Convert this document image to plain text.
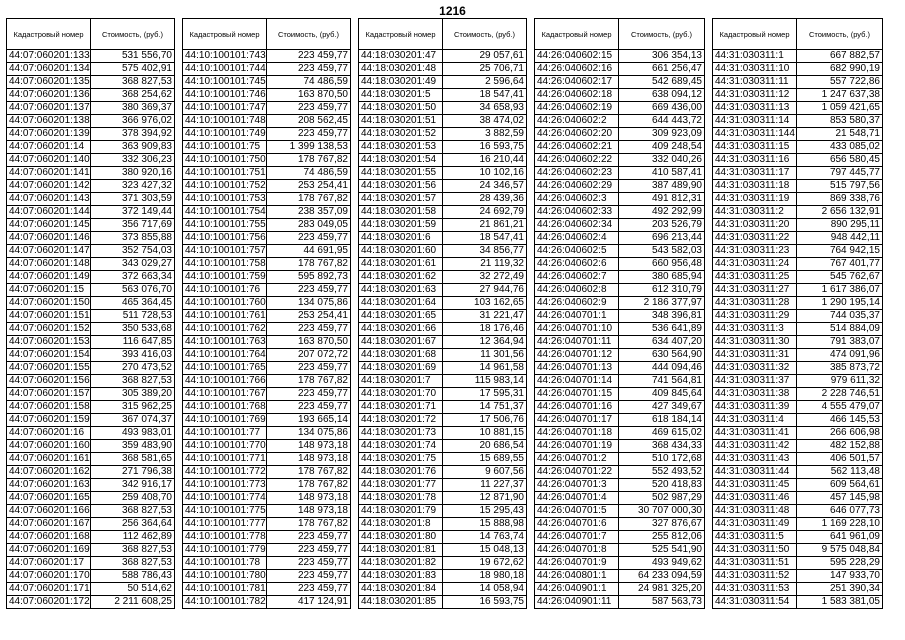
1216
Кадастровый номер	Стоимость, (руб.)
44:07:060201:133	531 556,70
44:07:060201:134	575 402,91
44:07:060201:135	368 827,53
44:07:060201:136	368 254,62
44:07:060201:137	380 369,37
44:07:060201:138	366 976,02
44:07:060201:139	378 394,92
44:07:060201:14	363 909,83
44:07:060201:140	332 306,23
44:07:060201:141	380 920,16
44:07:060201:142	323 427,32
44:07:060201:143	371 303,59
44:07:060201:144	372 149,44
44:07:060201:145	356 717,69
44:07:060201:146	373 855,88
44:07:060201:147	352 754,03
44:07:060201:148	343 029,27
44:07:060201:149	372 663,34
44:07:060201:15	563 076,70
44:07:060201:150	465 364,45
44:07:060201:151	511 728,53
44:07:060201:152	350 533,68
44:07:060201:153	116 647,85
44:07:060201:154	393 416,03
44:07:060201:155	270 473,52
44:07:060201:156	368 827,53
44:07:060201:157	305 389,20
44:07:060201:158	315 962,25
44:07:060201:159	367 074,37
44:07:060201:16	493 983,01
44:07:060201:160	359 483,90
44:07:060201:161	368 581,65
44:07:060201:162	271 796,38
44:07:060201:163	342 916,17
44:07:060201:165	259 408,70
44:07:060201:166	368 827,53
44:07:060201:167	256 364,64
44:07:060201:168	112 462,89
44:07:060201:169	368 827,53
44:07:060201:17	368 827,53
44:07:060201:170	588 786,43
44:07:060201:171	50 514,62
44:07:060201:172	2 211 608,25
Кадастровый номер	Стоимость, (руб.)
44:10:100101:743	223 459,77
44:10:100101:744	223 459,77
44:10:100101:745	74 486,59
44:10:100101:746	163 870,50
44:10:100101:747	223 459,77
44:10:100101:748	208 562,45
44:10:100101:749	223 459,77
44:10:100101:75	1 399 138,53
44:10:100101:750	178 767,82
44:10:100101:751	74 486,59
44:10:100101:752	253 254,41
44:10:100101:753	178 767,82
44:10:100101:754	238 357,09
44:10:100101:755	283 049,05
44:10:100101:756	223 459,77
44:10:100101:757	44 691,95
44:10:100101:758	178 767,82
44:10:100101:759	595 892,73
44:10:100101:76	223 459,77
44:10:100101:760	134 075,86
44:10:100101:761	253 254,41
44:10:100101:762	223 459,77
44:10:100101:763	163 870,50
44:10:100101:764	207 072,72
44:10:100101:765	223 459,77
44:10:100101:766	178 767,82
44:10:100101:767	223 459,77
44:10:100101:768	223 459,77
44:10:100101:769	193 665,14
44:10:100101:77	134 075,86
44:10:100101:770	148 973,18
44:10:100101:771	148 973,18
44:10:100101:772	178 767,82
44:10:100101:773	178 767,82
44:10:100101:774	148 973,18
44:10:100101:775	148 973,18
44:10:100101:777	178 767,82
44:10:100101:778	223 459,77
44:10:100101:779	223 459,77
44:10:100101:78	223 459,77
44:10:100101:780	223 459,77
44:10:100101:781	223 459,77
44:10:100101:782	417 124,91
Кадастровый номер	Стоимость, (руб.)
44:18:030201:47	29 057,61
44:18:030201:48	25 706,71
44:18:030201:49	2 596,64
44:18:030201:5	18 547,41
44:18:030201:50	34 658,93
44:18:030201:51	38 474,02
44:18:030201:52	3 882,59
44:18:030201:53	16 593,75
44:18:030201:54	16 210,44
44:18:030201:55	10 102,16
44:18:030201:56	24 346,57
44:18:030201:57	28 439,36
44:18:030201:58	24 692,79
44:18:030201:59	21 861,21
44:18:030201:6	18 547,41
44:18:030201:60	34 856,77
44:18:030201:61	21 119,32
44:18:030201:62	32 272,49
44:18:030201:63	27 944,76
44:18:030201:64	103 162,65
44:18:030201:65	31 221,47
44:18:030201:66	18 176,46
44:18:030201:67	12 364,94
44:18:030201:68	11 301,56
44:18:030201:69	14 961,58
44:18:030201:7	115 983,14
44:18:030201:70	17 595,31
44:18:030201:71	14 751,37
44:18:030201:72	17 506,76
44:18:030201:73	10 881,15
44:18:030201:74	20 686,54
44:18:030201:75	15 689,55
44:18:030201:76	9 607,56
44:18:030201:77	11 227,37
44:18:030201:78	12 871,90
44:18:030201:79	15 295,43
44:18:030201:8	15 888,98
44:18:030201:80	14 763,74
44:18:030201:81	15 048,13
44:18:030201:82	19 672,62
44:18:030201:83	18 980,18
44:18:030201:84	14 058,94
44:18:030201:85	16 593,75
Кадастровый номер	Стоимость, (руб.)
44:26:040602:15	306 354,13
44:26:040602:16	661 256,47
44:26:040602:17	542 689,45
44:26:040602:18	638 094,12
44:26:040602:19	669 436,00
44:26:040602:2	644 443,72
44:26:040602:20	309 923,09
44:26:040602:21	409 248,54
44:26:040602:22	332 040,26
44:26:040602:23	410 587,41
44:26:040602:29	387 489,90
44:26:040602:3	491 812,31
44:26:040602:33	492 292,99
44:26:040602:34	203 526,79
44:26:040602:4	696 213,44
44:26:040602:5	543 582,03
44:26:040602:6	660 956,48
44:26:040602:7	380 685,94
44:26:040602:8	612 310,79
44:26:040602:9	2 186 377,97
44:26:040701:1	348 396,81
44:26:040701:10	536 641,89
44:26:040701:11	634 407,20
44:26:040701:12	630 564,90
44:26:040701:13	444 094,46
44:26:040701:14	741 564,81
44:26:040701:15	409 845,64
44:26:040701:16	427 349,67
44:26:040701:17	618 184,14
44:26:040701:18	469 615,02
44:26:040701:19	368 434,33
44:26:040701:2	510 172,68
44:26:040701:22	552 493,52
44:26:040701:3	520 418,83
44:26:040701:4	502 987,29
44:26:040701:5	30 707 000,30
44:26:040701:6	327 876,67
44:26:040701:7	255 812,06
44:26:040701:8	525 541,90
44:26:040701:9	493 949,62
44:26:040801:1	64 233 094,59
44:26:040901:1	24 981 325,20
44:26:040901:11	587 563,73
Кадастровый номер	Стоимость, (руб.)
44:31:030311:1	667 882,57
44:31:030311:10	682 990,19
44:31:030311:11	557 722,86
44:31:030311:12	1 247 637,38
44:31:030311:13	1 059 421,65
44:31:030311:14	853 580,37
44:31:030311:144	21 548,71
44:31:030311:15	433 085,02
44:31:030311:16	656 580,45
44:31:030311:17	797 445,77
44:31:030311:18	515 797,56
44:31:030311:19	869 338,76
44:31:030311:2	2 656 132,91
44:31:030311:20	890 295,11
44:31:030311:22	948 442,11
44:31:030311:23	764 942,15
44:31:030311:24	767 401,77
44:31:030311:25	545 762,67
44:31:030311:27	1 617 386,07
44:31:030311:28	1 290 195,14
44:31:030311:29	744 035,37
44:31:030311:3	514 884,09
44:31:030311:30	791 383,07
44:31:030311:31	474 091,96
44:31:030311:32	385 873,72
44:31:030311:37	979 611,32
44:31:030311:38	2 228 746,51
44:31:030311:39	4 555 479,07
44:31:030311:4	466 145,53
44:31:030311:41	266 606,98
44:31:030311:42	482 152,88
44:31:030311:43	406 501,57
44:31:030311:44	562 113,48
44:31:030311:45	609 564,61
44:31:030311:46	457 145,98
44:31:030311:48	646 077,73
44:31:030311:49	1 169 228,10
44:31:030311:5	641 961,09
44:31:030311:50	9 575 048,84
44:31:030311:51	595 228,29
44:31:030311:52	147 933,70
44:31:030311:53	251 390,34
44:31:030311:54	1 583 381,05
